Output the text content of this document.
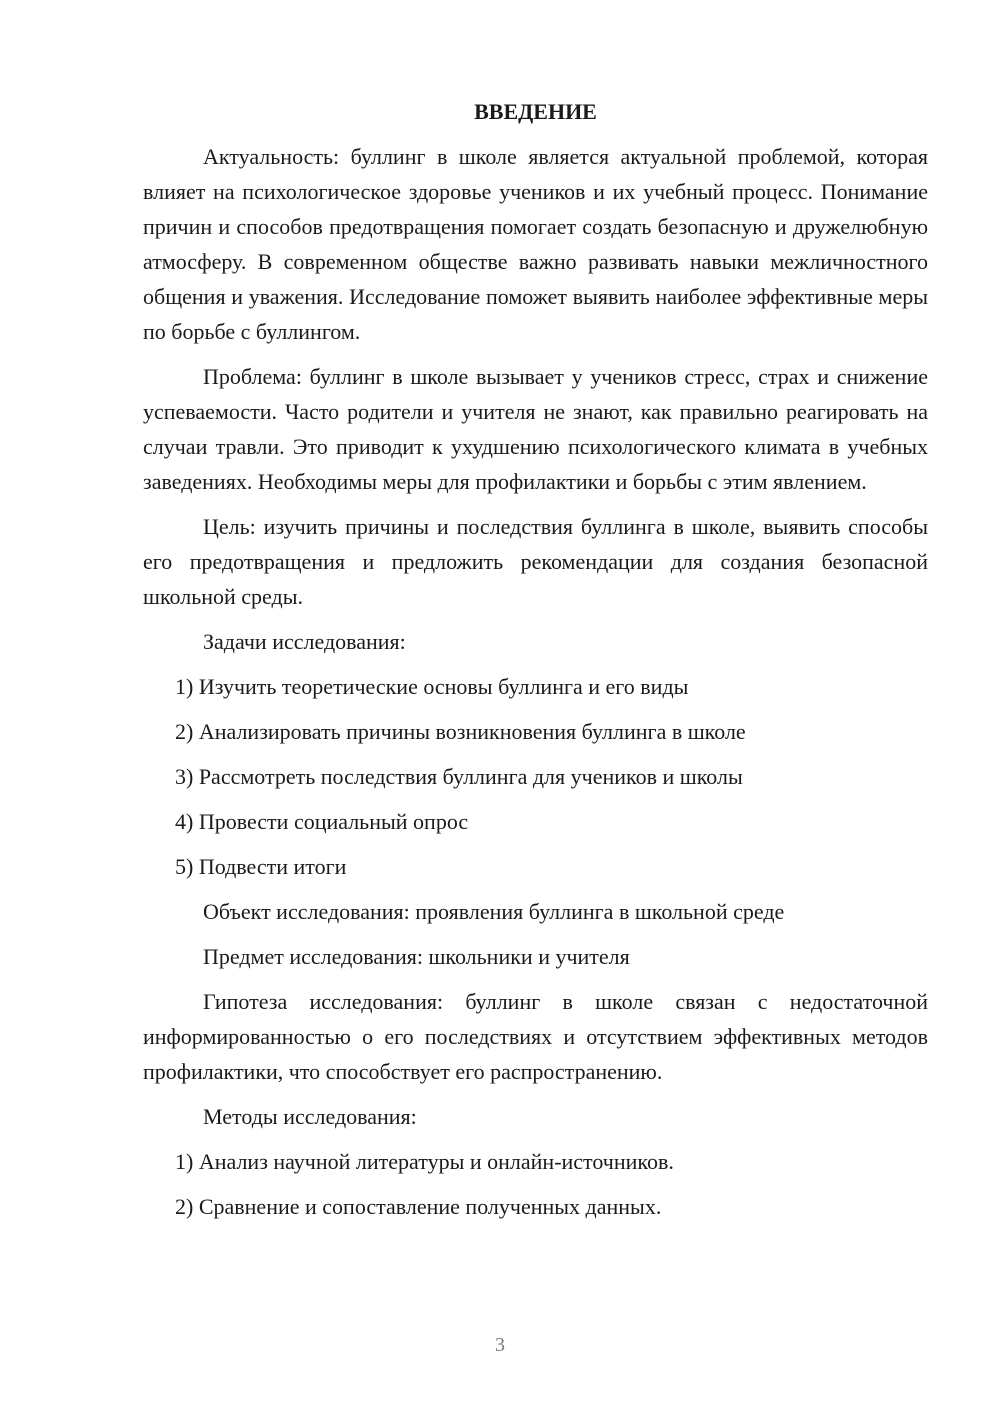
ВВЕДЕНИЕ

Актуальность: буллинг в школе является актуальной проблемой, которая влияет на психологическое здоровье учеников и их учебный процесс. Понимание причин и способов предотвращения помогает создать безопасную и дружелюбную атмосферу. В современном обществе важно развивать навыки межличностного общения и уважения. Исследование поможет выявить наиболее эффективные меры по борьбе с буллингом.

Проблема: буллинг в школе вызывает у учеников стресс, страх и снижение успеваемости. Часто родители и учителя не знают, как правильно реагировать на случаи травли. Это приводит к ухудшению психологического климата в учебных заведениях. Необходимы меры для профилактики и борьбы с этим явлением.

Цель: изучить причины и последствия буллинга в школе, выявить способы его предотвращения и предложить рекомендации для создания безопасной школьной среды.

Задачи исследования:
1) Изучить теоретические основы буллинга и его виды
2) Анализировать причины возникновения буллинга в школе
3) Рассмотреть последствия буллинга для учеников и школы
4) Провести социальный опрос
5) Подвести итоги
Объект исследования: проявления буллинга в школьной среде
Предмет исследования: школьники и учителя

Гипотеза исследования: буллинг в школе связан с недостаточной информированностью о его последствиях и отсутствием эффективных методов профилактики, что способствует его распространению.

Методы исследования:
1) Анализ научной литературы и онлайн-источников.
2) Сравнение и сопоставление полученных данных.
3
